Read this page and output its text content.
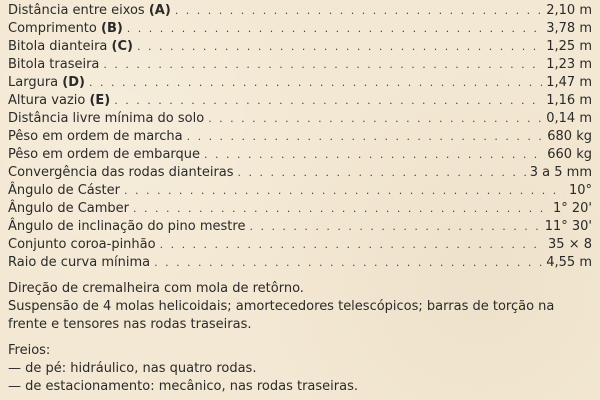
Distância entre eixos (A) . . .	2,10 m
Comprimento (B) . . .	3,78 m
Bitola dianteira (C) . . .	1,25 m
Bitola traseira . . .	1,23 m
Largura (D) . . .	1,47 m
Altura vazio (E) . . .	1,16 m
Distância livre mínima do solo . . .	0,14 m
Pêso em ordem de marcha . . .	680 kg
Pêso em ordem de embarque . . .	660 kg
Convergência das rodas dianteiras . . .	3 a 5 mm
Ângulo de Cáster . . .	10°
Ângulo de Camber . . .	1° 20'
Ângulo de inclinação do pino mestre . . .	11° 30'
Conjunto coroa-pinhão . . .	35 × 8
Raio de curva mínima . . .	4,55 m

Direção de cremalheira com mola de retôrno.

Suspensão de 4 molas helicoidais; amortecedores telescópicos; barras de torção na frente e tensores nas rodas traseiras.

Freios:
— de pé: hidráulico, nas quatro rodas.
— de estacionamento: mecânico, nas rodas traseiras.
